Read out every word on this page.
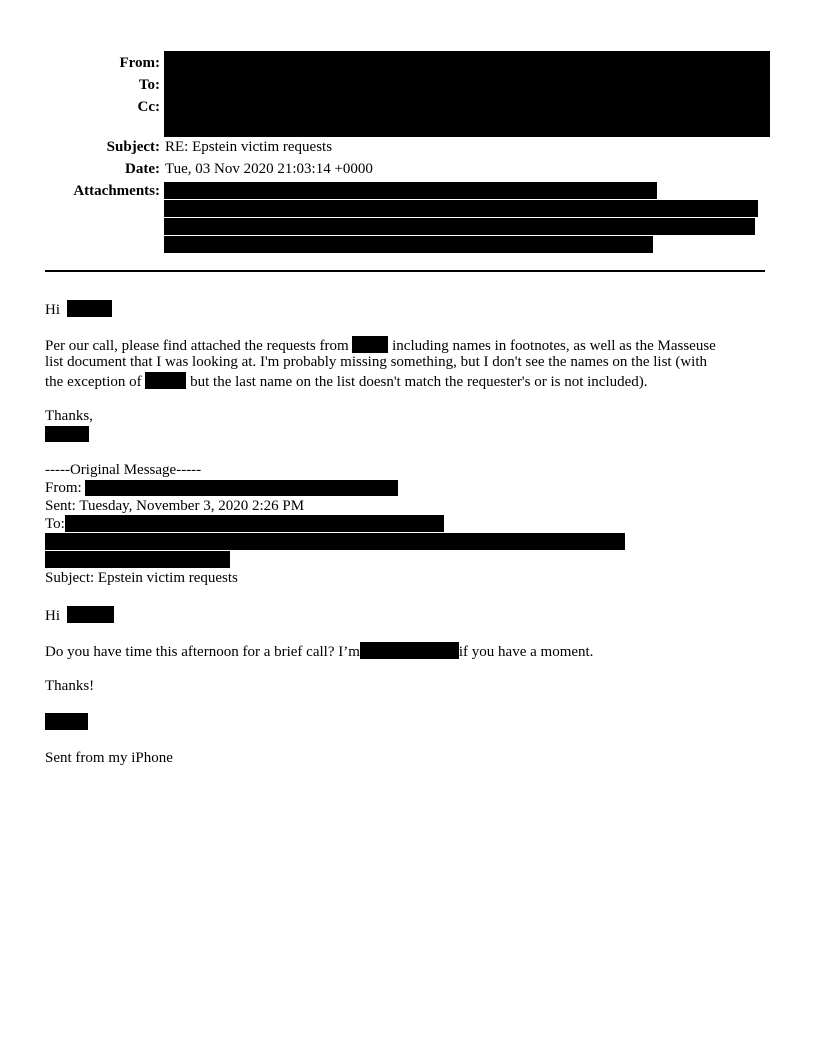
From:
To:
Cc:
Subject: RE: Epstein victim requests
Date: Tue, 03 Nov 2020 21:03:14 +0000
Attachments:
Hi
Per our call, please find attached the requests from	including names in footnotes, as well as the Masseuse
list document that I was looking at. I'm probably missing something, but I don't see the names on the list (with
the exception of	but the last name on the list doesn't match the requester's or is not included).
Thanks,
-----Original Message-----
From:
Sent: Tuesday, November 3, 2020 2:26 PM
To:
Subject: Epstein victim requests
Hi
Do you have time this afternoon for a brief call? I’m	if you have a moment.
Thanks!
Sent from my iPhone
